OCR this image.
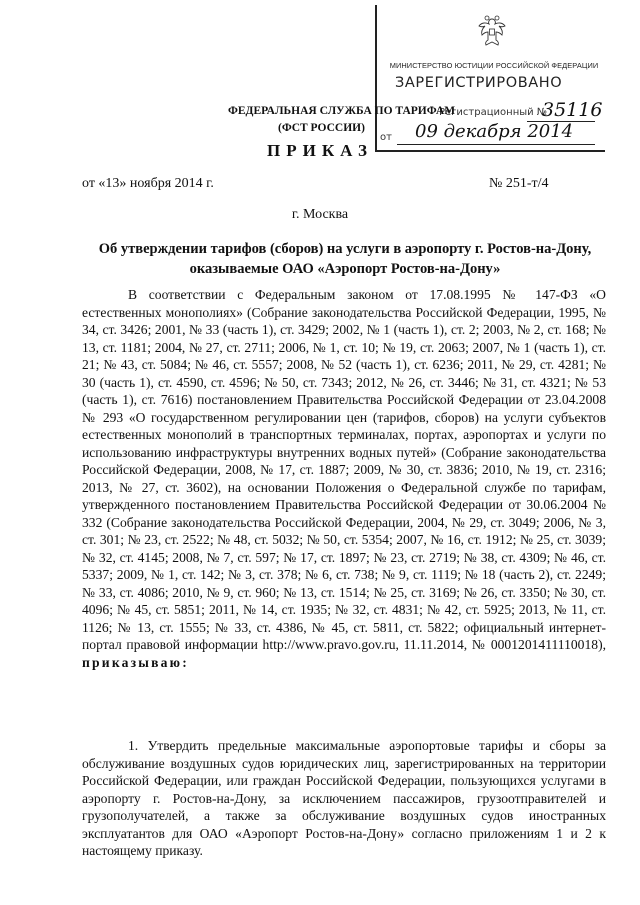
МИНИСТЕРСТВО ЮСТИЦИИ РОССИЙСКОЙ ФЕДЕРАЦИИ
ЗАРЕГИСТРИРОВАНО
Регистрационный №
35116
от 09 декабря 2014
ФЕДЕРАЛЬНАЯ СЛУЖБА ПО ТАРИФАМ
(ФСТ РОССИИ)
ПРИКАЗ
от «13» ноября 2014 г.	№ 251-т/4
г. Москва
Об утверждении тарифов (сборов) на услуги в аэропорту г. Ростов-на-Дону, оказываемые ОАО «Аэропорт Ростов-на-Дону»
В соответствии с Федеральным законом от 17.08.1995 № 147-ФЗ «О естественных монополиях» (Собрание законодательства Российской Федерации, 1995, № 34, ст. 3426; 2001, № 33 (часть 1), ст. 3429; 2002, № 1 (часть 1), ст. 2; 2003, № 2, ст. 168; № 13, ст. 1181; 2004, № 27, ст. 2711; 2006, № 1, ст. 10; № 19, ст. 2063; 2007, № 1 (часть 1), ст. 21; № 43, ст. 5084; № 46, ст. 5557; 2008, № 52 (часть 1), ст. 6236; 2011, № 29, ст. 4281; № 30 (часть 1), ст. 4590, ст. 4596; № 50, ст. 7343; 2012, № 26, ст. 3446; № 31, ст. 4321; № 53 (часть 1), ст. 7616) постановлением Правительства Российской Федерации от 23.04.2008 № 293 «О государственном регулировании цен (тарифов, сборов) на услуги субъектов естественных монополий в транспортных терминалах, портах, аэропортах и услуги по использованию инфраструктуры внутренних водных путей» (Собрание законодательства Российской Федерации, 2008, № 17, ст. 1887; 2009, № 30, ст. 3836; 2010, № 19, ст. 2316; 2013, № 27, ст. 3602), на основании Положения о Федеральной службе по тарифам, утвержденного постановлением Правительства Российской Федерации от 30.06.2004 № 332 (Собрание законодательства Российской Федерации, 2004, № 29, ст. 3049; 2006, № 3, ст. 301; № 23, ст. 2522; № 48, ст. 5032; № 50, ст. 5354; 2007, № 16, ст. 1912; № 25, ст. 3039; № 32, ст. 4145; 2008, № 7, ст. 597; № 17, ст. 1897; № 23, ст. 2719; № 38, ст. 4309; № 46, ст. 5337; 2009, № 1, ст. 142; № 3, ст. 378; № 6, ст. 738; № 9, ст. 1119; № 18 (часть 2), ст. 2249; № 33, ст. 4086; 2010, № 9, ст. 960; № 13, ст. 1514; № 25, ст. 3169; № 26, ст. 3350; № 30, ст. 4096; № 45, ст. 5851; 2011, № 14, ст. 1935; № 32, ст. 4831; № 42, ст. 5925; 2013, № 11, ст. 1126; № 13, ст. 1555; № 33, ст. 4386, № 45, ст. 5811, ст. 5822; официальный интернет-портал правовой информации http://www.pravo.gov.ru, 11.11.2014, № 0001201411110018), приказываю:
1. Утвердить предельные максимальные аэропортовые тарифы и сборы за обслуживание воздушных судов юридических лиц, зарегистрированных на территории Российской Федерации, или граждан Российской Федерации, пользующихся услугами в аэропорту г. Ростов-на-Дону, за исключением пассажиров, грузоотправителей и грузополучателей, а также за обслуживание воздушных судов иностранных эксплуатантов для ОАО «Аэропорт Ростов-на-Дону» согласно приложениям 1 и 2 к настоящему приказу.
